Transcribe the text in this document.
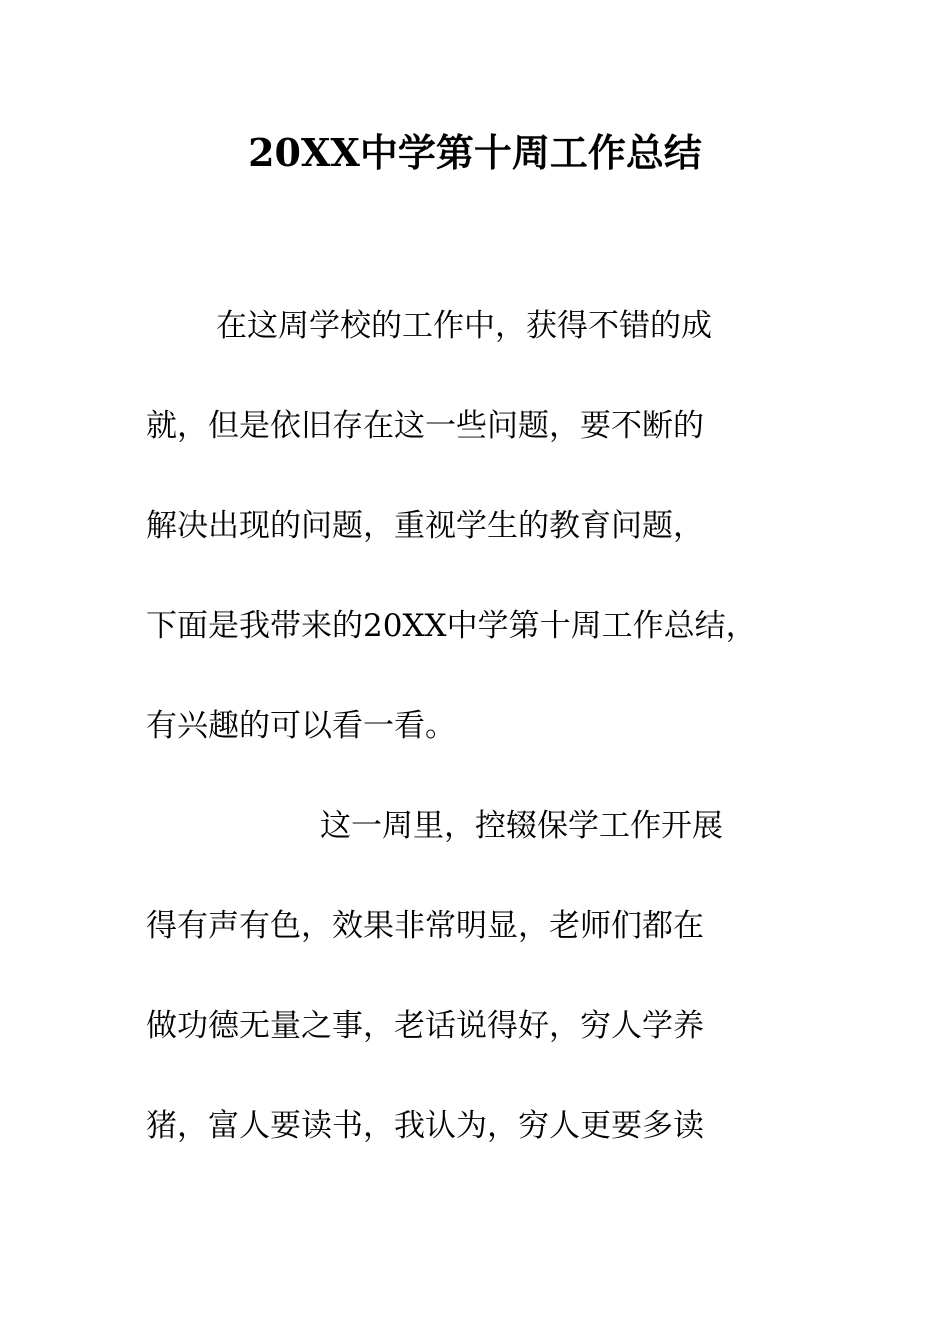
20XX中学第十周工作总结
在这周学校的工作中，获得不错的成
就，但是依旧存在这一些问题，要不断的
解决出现的问题，重视学生的教育问题，
下面是我带来的20XX中学第十周工作总结，
有兴趣的可以看一看。
这一周里，控辍保学工作开展
得有声有色，效果非常明显，老师们都在
做功德无量之事，老话说得好，穷人学养
猪，富人要读书，我认为，穷人更要多读
